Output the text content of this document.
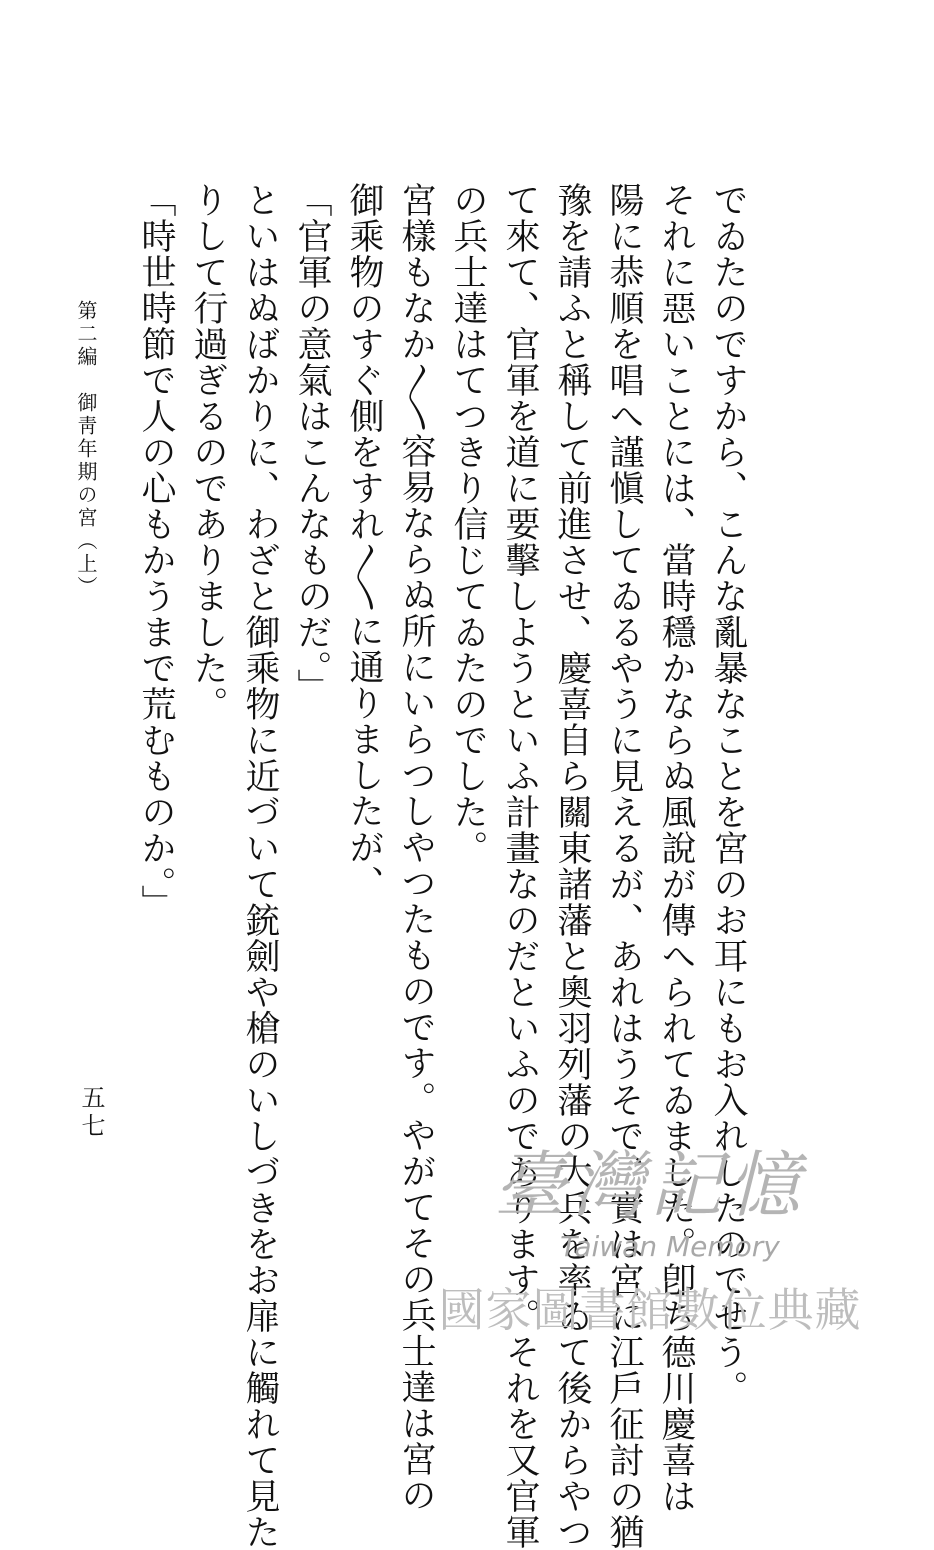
でゐたのですから、こんな亂暴なことを宮のお耳にもお入れしたのでせう。
それに惡いことには、當時穩かならぬ風說が傳へられてゐました。卽ち德川慶喜は
陽に恭順を唱へ謹愼してゐるやうに見えるが、あれはうそで、實は宮に江戶征討の猶
豫を請ふと稱して前進させ、慶喜自ら關東諸藩と奧羽列藩の大兵を率ゐて後からやつ
て來て、官軍を道に要擊しようといふ計畫なのだといふのであります。それを又官軍
の兵士達はてつきり信じてゐたのでした。
宮樣もなか〳〵容易ならぬ所にいらつしやつたものです。やがてその兵士達は宮の
御乘物のすぐ側をすれ〳〵に通りましたが、
「官軍の意氣はこんなものだ。」
といはぬばかりに、わざと御乘物に近づいて銃劍や槍のいしづきをお扉に觸れて見た
りして行過ぎるのでありました。
「時世時節で人の心もかうまで荒むものか。」
第二編　御靑年期の宮（上）
五七
臺灣記憶
Taiwan Memory
國家圖書館數位典藏
